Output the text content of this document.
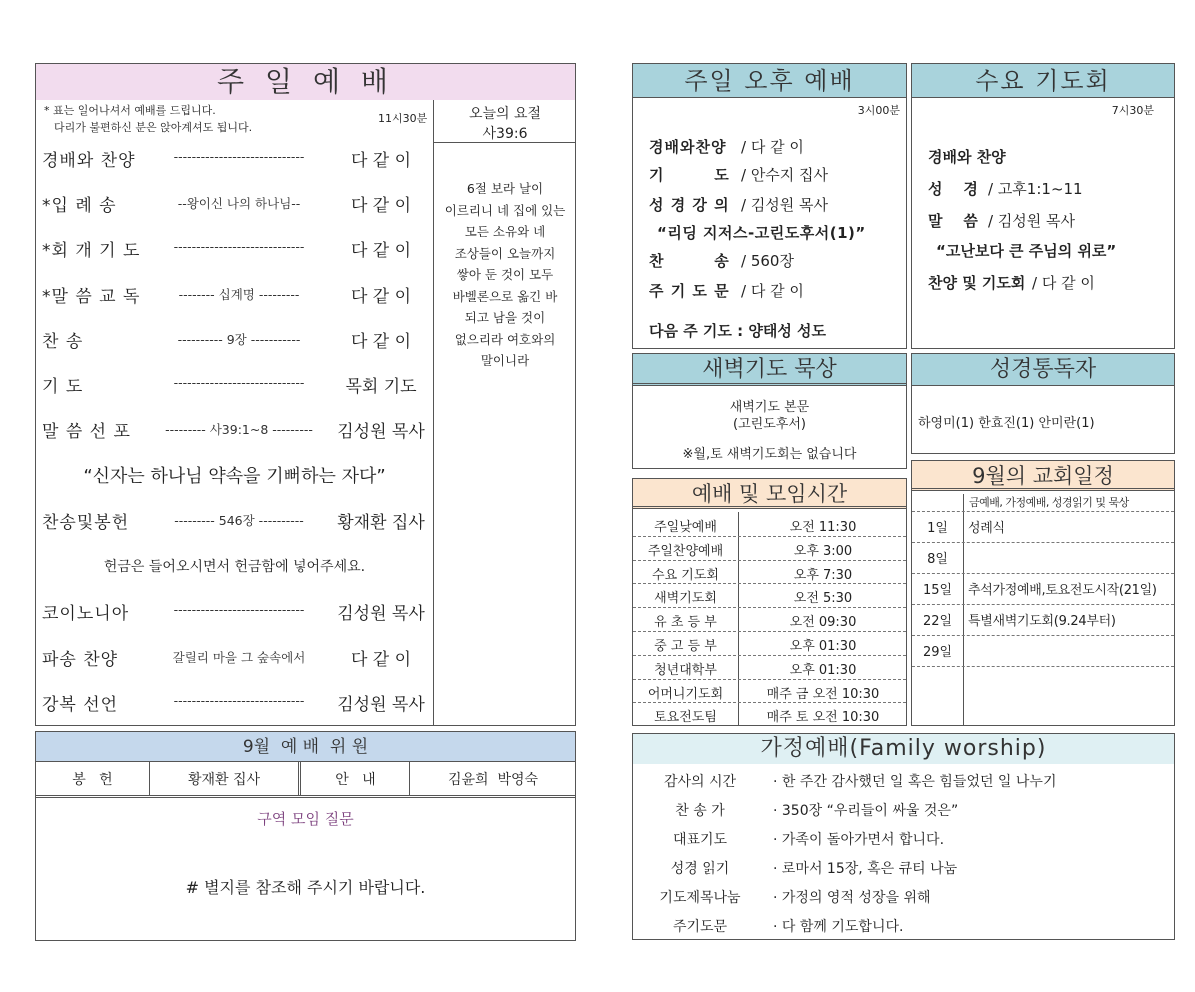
주 일 예 배
* 표는 일어나셔서 예배를 드립니다.
다리가 불편하신 분은 앉아계셔도 됩니다.
11시30분	오늘의 요절
사39:6
6절 보라 날이
이르리니 네 집에 있는
모든 소유와 네
조상들이 오늘까지
쌓아 둔 것이 모두
바벨론으로 옮긴 바
되고 남을 것이
없으리라 여호와의
말이니라
경배와 찬양	-----------------------------	다 같 이
*입 례 송	--왕이신 나의 하나님--	다 같 이
*회 개 기 도	-----------------------------	다 같 이
*말 씀 교 독	-------- 십계명 ---------	다 같 이
찬 송	---------- 9장 -----------	다 같 이
기 도	-----------------------------	목회 기도
말 씀 선 포	--------- 사39:1~8 ---------	김성원 목사
찬송및봉헌	--------- 546장 ----------	황재환 집사
코이노니아	-----------------------------	김성원 목사
파송 찬양	갈릴리 마을 그 숲속에서	다 같 이
강복 선언	-----------------------------	김성원 목사
“신자는 하나님 약속을 기뻐하는 자다”
헌금은 들어오시면서 헌금함에 넣어주세요.
9월  예 배  위 원
봉   헌	황재환 집사	안   내	김윤희  박영숙
구역 모임 질문
# 별지를 참조해 주시기 바랍니다.
주일 오후 예배
3시00분
경배와찬양 / 다 같 이
기        도 / 안수지 집사
성 경 강 의 / 김성원 목사
찬        송 / 560장
주 기 도 문 / 다 같 이
“리딩 지저스-고린도후서(1)”
다음 주 기도 : 양태성 성도
수요 기도회
7시30분
경배와 찬양
성    경 / 고후1:1~11
말    씀 / 김성원 목사
찬양 및 기도회 / 다 같 이
“고난보다 큰 주님의 위로”
새벽기도 묵상
새벽기도 본문
(고린도후서)
※월,토 새벽기도회는 없습니다
성경통독자
하영미(1) 한효진(1) 안미란(1)
예배 및 모임시간
주일낮예배	오전 11:30
주일찬양예배	오후 3:00
수요 기도회	오후 7:30
새벽기도회	오전 5:30
유 초 등 부	오전 09:30
중 고 등 부	오후 01:30
청년대학부	오후 01:30
어머니기도회	매주 금 오전 10:30
토요전도팀	매주 토 오전 10:30
9월의 교회일정
금예배, 가정예배, 성경읽기 및 묵상
1일	성례식
8일
15일	추석가정예배,토요전도시작(21일)
22일	특별새벽기도회(9.24부터)
29일
가정예배(Family worship)
감사의 시간	· 한 주간 감사했던 일 혹은 힘들었던 일 나누기
찬 송 가	· 350장 “우리들이 싸울 것은”
대표기도	· 가족이 돌아가면서 합니다.
성경 읽기	· 로마서 15장, 혹은 큐티 나눔
기도제목나눔	· 가정의 영적 성장을 위해
주기도문	· 다 함께 기도합니다.
